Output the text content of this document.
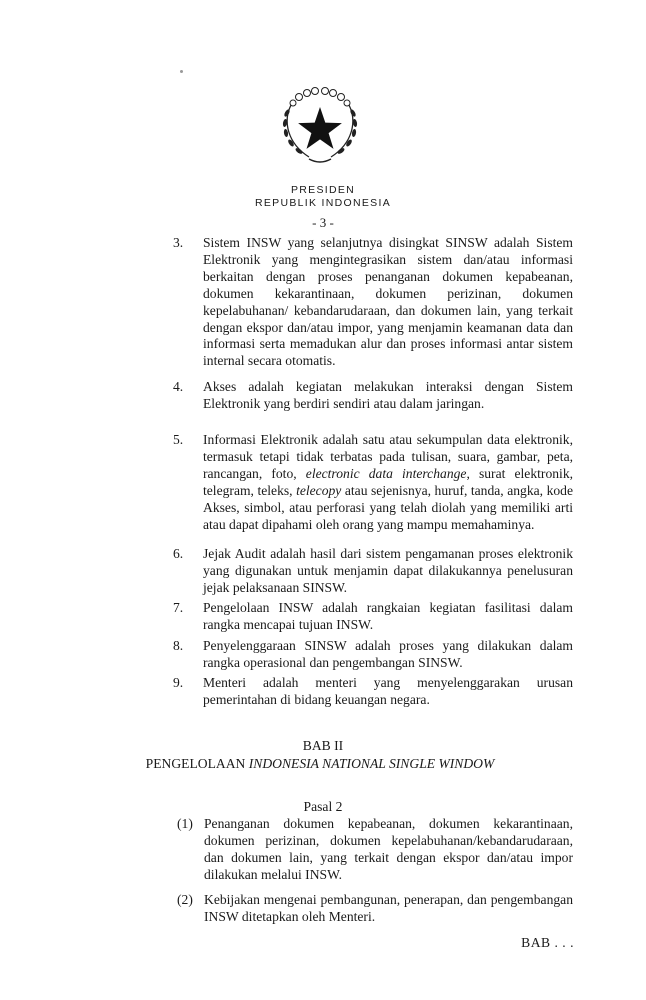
PRESIDEN
REPUBLIK INDONESIA
- 3 -
3. Sistem INSW yang selanjutnya disingkat SINSW adalah Sistem Elektronik yang mengintegrasikan sistem dan/atau informasi berkaitan dengan proses penanganan dokumen kepabeanan, dokumen kekarantinaan, dokumen perizinan, dokumen kepelabuhanan/ kebandarudaraan, dan dokumen lain, yang terkait dengan ekspor dan/atau impor, yang menjamin keamanan data dan informasi serta memadukan alur dan proses informasi antar sistem internal secara otomatis.
4. Akses adalah kegiatan melakukan interaksi dengan Sistem Elektronik yang berdiri sendiri atau dalam jaringan.
5. Informasi Elektronik adalah satu atau sekumpulan data elektronik, termasuk tetapi tidak terbatas pada tulisan, suara, gambar, peta, rancangan, foto, electronic data interchange, surat elektronik, telegram, teleks, telecopy atau sejenisnya, huruf, tanda, angka, kode Akses, simbol, atau perforasi yang telah diolah yang memiliki arti atau dapat dipahami oleh orang yang mampu memahaminya.
6. Jejak Audit adalah hasil dari sistem pengamanan proses elektronik yang digunakan untuk menjamin dapat dilakukannya penelusuran jejak pelaksanaan SINSW.
7. Pengelolaan INSW adalah rangkaian kegiatan fasilitasi dalam rangka mencapai tujuan INSW.
8. Penyelenggaraan SINSW adalah proses yang dilakukan dalam rangka operasional dan pengembangan SINSW.
9. Menteri adalah menteri yang menyelenggarakan urusan pemerintahan di bidang keuangan negara.
BAB II
PENGELOLAAN INDONESIA NATIONAL SINGLE WINDOW
Pasal 2
(1) Penanganan dokumen kepabeanan, dokumen kekarantinaan, dokumen perizinan, dokumen kepelabuhanan/kebandarudaraan, dan dokumen lain, yang terkait dengan ekspor dan/atau impor dilakukan melalui INSW.
(2) Kebijakan mengenai pembangunan, penerapan, dan pengembangan INSW ditetapkan oleh Menteri.
BAB . . .
